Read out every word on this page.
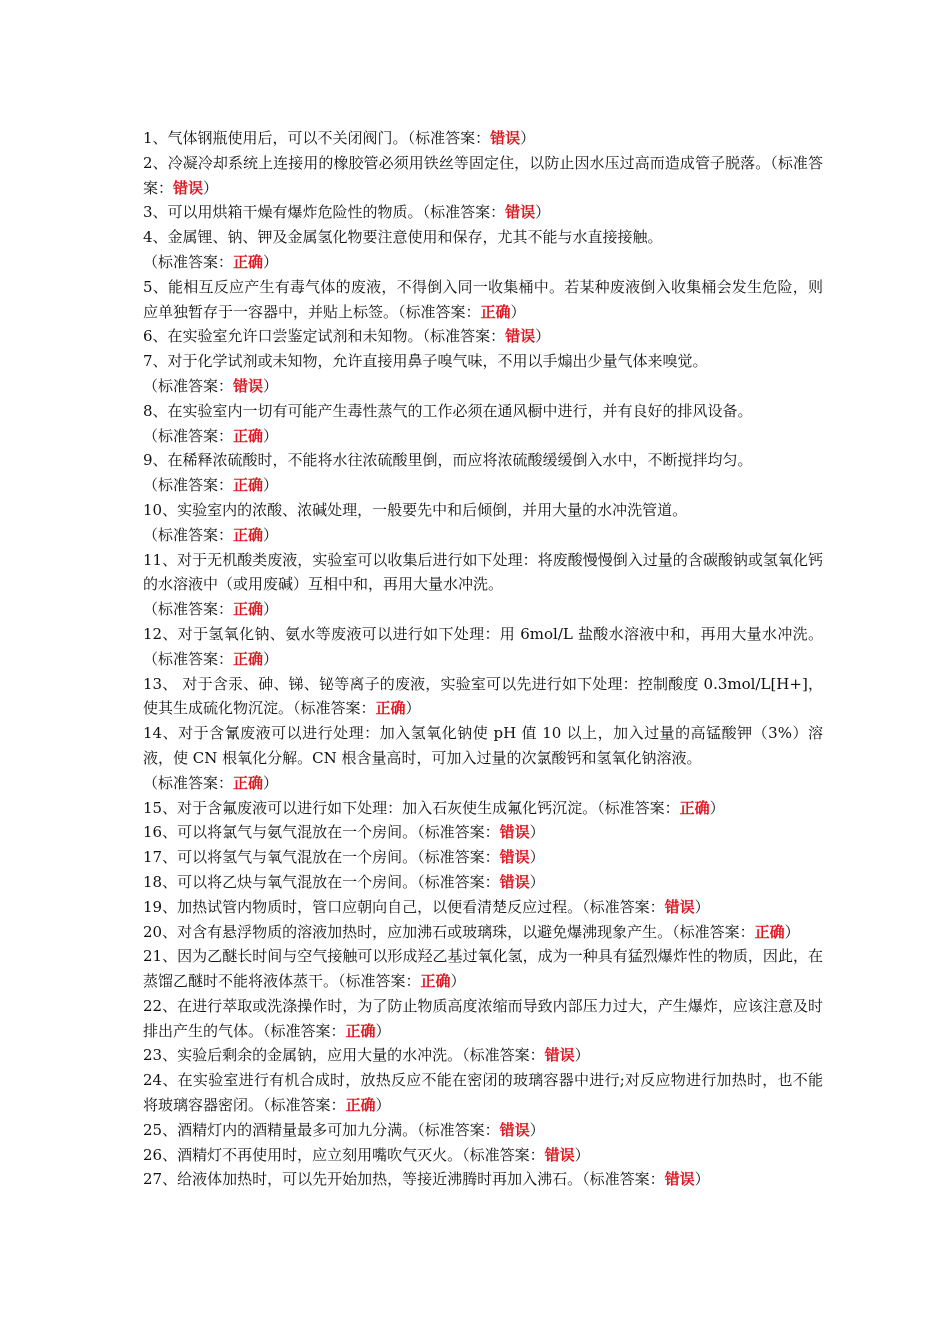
1、气体钢瓶使用后，可以不关闭阀门。（标准答案：错误）

2、冷凝冷却系统上连接用的橡胶管必须用铁丝等固定住，以防止因水压过高而造成管子脱落。（标准答案：错误）

3、可以用烘箱干燥有爆炸危险性的物质。（标准答案：错误）

4、金属锂、钠、钾及金属氢化物要注意使用和保存，尤其不能与水直接接触。
（标准答案：正确）

5、能相互反应产生有毒气体的废液，不得倒入同一收集桶中。若某种废液倒入收集桶会发生危险，则应单独暂存于一容器中，并贴上标签。（标准答案：正确）

6、在实验室允许口尝鉴定试剂和未知物。（标准答案：错误）

7、对于化学试剂或未知物，允许直接用鼻子嗅气味，不用以手煽出少量气体来嗅觉。
（标准答案：错误）

8、在实验室内一切有可能产生毒性蒸气的工作必须在通风橱中进行，并有良好的排风设备。
（标准答案：正确）

9、在稀释浓硫酸时，不能将水往浓硫酸里倒，而应将浓硫酸缓缓倒入水中，不断搅拌均匀。
（标准答案：正确）

10、实验室内的浓酸、浓碱处理，一般要先中和后倾倒，并用大量的水冲洗管道。
（标准答案：正确）

11、对于无机酸类废液，实验室可以收集后进行如下处理：将废酸慢慢倒入过量的含碳酸钠或氢氧化钙的水溶液中（或用废碱）互相中和，再用大量水冲洗。
（标准答案：正确）

12、对于氢氧化钠、氨水等废液可以进行如下处理：用 6mol/L 盐酸水溶液中和，再用大量水冲洗。（标准答案：正确）

13、 对于含汞、砷、锑、铋等离子的废液，实验室可以先进行如下处理：控制酸度 0.3mol/L[H+]，使其生成硫化物沉淀。（标准答案：正确）

14、对于含氰废液可以进行处理：加入氢氧化钠使 pH 值 10 以上，加入过量的高锰酸钾（3%）溶液，使 CN 根氧化分解。CN 根含量高时，可加入过量的次氯酸钙和氢氧化钠溶液。
（标准答案：正确）

15、对于含氟废液可以进行如下处理：加入石灰使生成氟化钙沉淀。（标准答案：正确）

16、可以将氯气与氨气混放在一个房间。（标准答案：错误）

17、可以将氢气与氧气混放在一个房间。（标准答案：错误）

18、可以将乙炔与氧气混放在一个房间。（标准答案：错误）

19、加热试管内物质时，管口应朝向自己，以便看清楚反应过程。（标准答案：错误）

20、对含有悬浮物质的溶液加热时，应加沸石或玻璃珠，以避免爆沸现象产生。（标准答案：正确）

21、因为乙醚长时间与空气接触可以形成羟乙基过氧化氢，成为一种具有猛烈爆炸性的物质，因此，在蒸馏乙醚时不能将液体蒸干。（标准答案：正确）

22、在进行萃取或洗涤操作时，为了防止物质高度浓缩而导致内部压力过大，产生爆炸，应该注意及时排出产生的气体。（标准答案：正确）

23、实验后剩余的金属钠，应用大量的水冲洗。（标准答案：错误）

24、在实验室进行有机合成时，放热反应不能在密闭的玻璃容器中进行;对反应物进行加热时，也不能将玻璃容器密闭。（标准答案：正确）

25、酒精灯内的酒精量最多可加九分满。（标准答案：错误）

26、酒精灯不再使用时，应立刻用嘴吹气灭火。（标准答案：错误）

27、给液体加热时，可以先开始加热，等接近沸腾时再加入沸石。（标准答案：错误）
